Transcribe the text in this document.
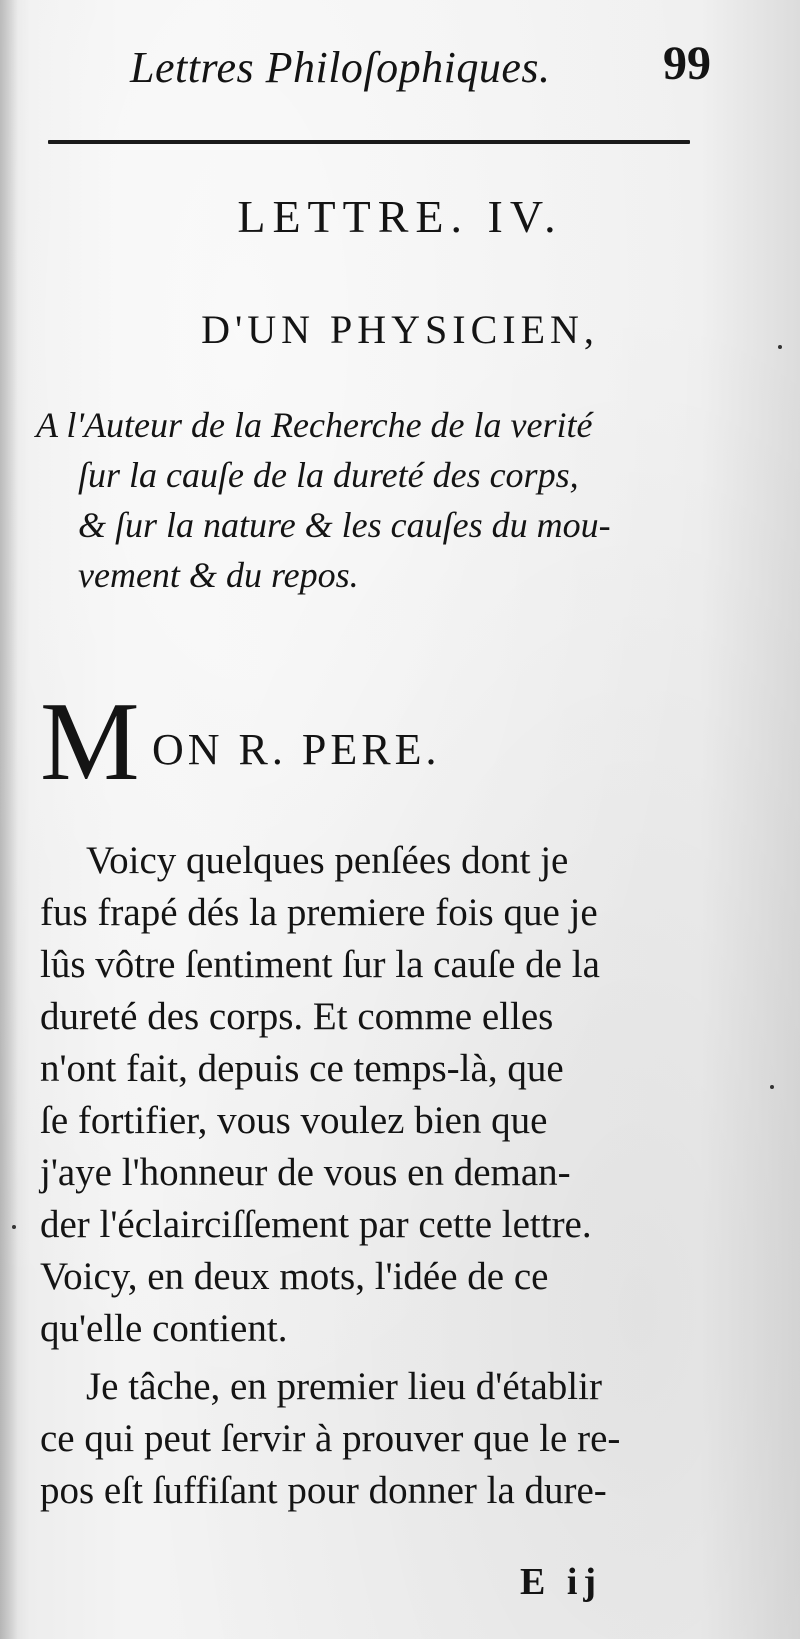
Lettres Philoſophiques. 99
LETTRE. IV.
D'UN PHYSICIEN,
A l'Auteur de la Recherche de la verité
ſur la cauſe de la dureté des corps,
& ſur la nature & les cauſes du mou-
vement & du repos.
M ON R. PERE.
Voicy quelques penſées dont je
fus frapé dés la premiere fois que je
lûs vôtre ſentiment ſur la cauſe de la
dureté des corps. Et comme elles
n'ont fait, depuis ce temps-là, que
ſe fortifier, vous voulez bien que
j'aye l'honneur de vous en deman-
der l'éclairciſſement par cette lettre.
Voicy, en deux mots, l'idée de ce
qu'elle contient.
Je tâche, en premier lieu d'établir
ce qui peut ſervir à prouver que le re-
pos eſt ſuffiſant pour donner la dure-
E ij
